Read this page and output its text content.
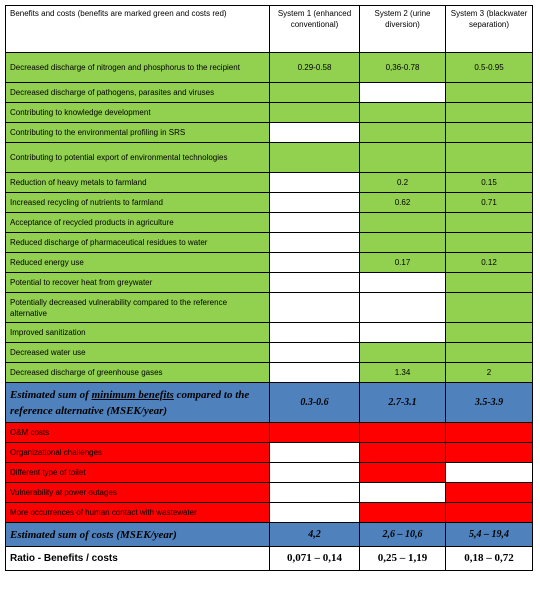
Benefits and costs (benefits are marked green and costs red)	System 1 (enhanced conventional)	System 2 (urine diversion)	System 3 (blackwater separation)
Decreased discharge of nitrogen and phosphorus to the recipient	0.29-0.58	0,36-0.78	0.5-0.95
Decreased discharge of pathogens, parasites and viruses			
Contributing to knowledge development			
Contributing to the environmental profiling in SRS			
Contributing to potential export of environmental technologies			
Reduction of heavy metals to farmland		0.2	0.15
Increased recycling of nutrients to farmland		0.62	0.71
Acceptance of recycled products in agriculture			
Reduced discharge of pharmaceutical residues to water			
Reduced energy use		0.17	0.12
Potential to recover heat from greywater			
Potentially decreased vulnerability compared to the reference alternative			
Improved sanitization			
Decreased water use			
Decreased discharge of greenhouse gases		1.34	2
Estimated sum of minimum benefits compared to the reference alternative (MSEK/year)	0.3-0.6	2.7-3.1	3.5-3.9
O&M costs			
Organizational challenges			
Different type of toilet			
Vulnerability at power outages			
More occurrences of human contact with wastewater			
Estimated sum of costs (MSEK/year)	4,2	2,6 – 10,6	5,4 – 19,4
Ratio - Benefits / costs	0,071 – 0,14	0,25 – 1,19	0,18 – 0,72
